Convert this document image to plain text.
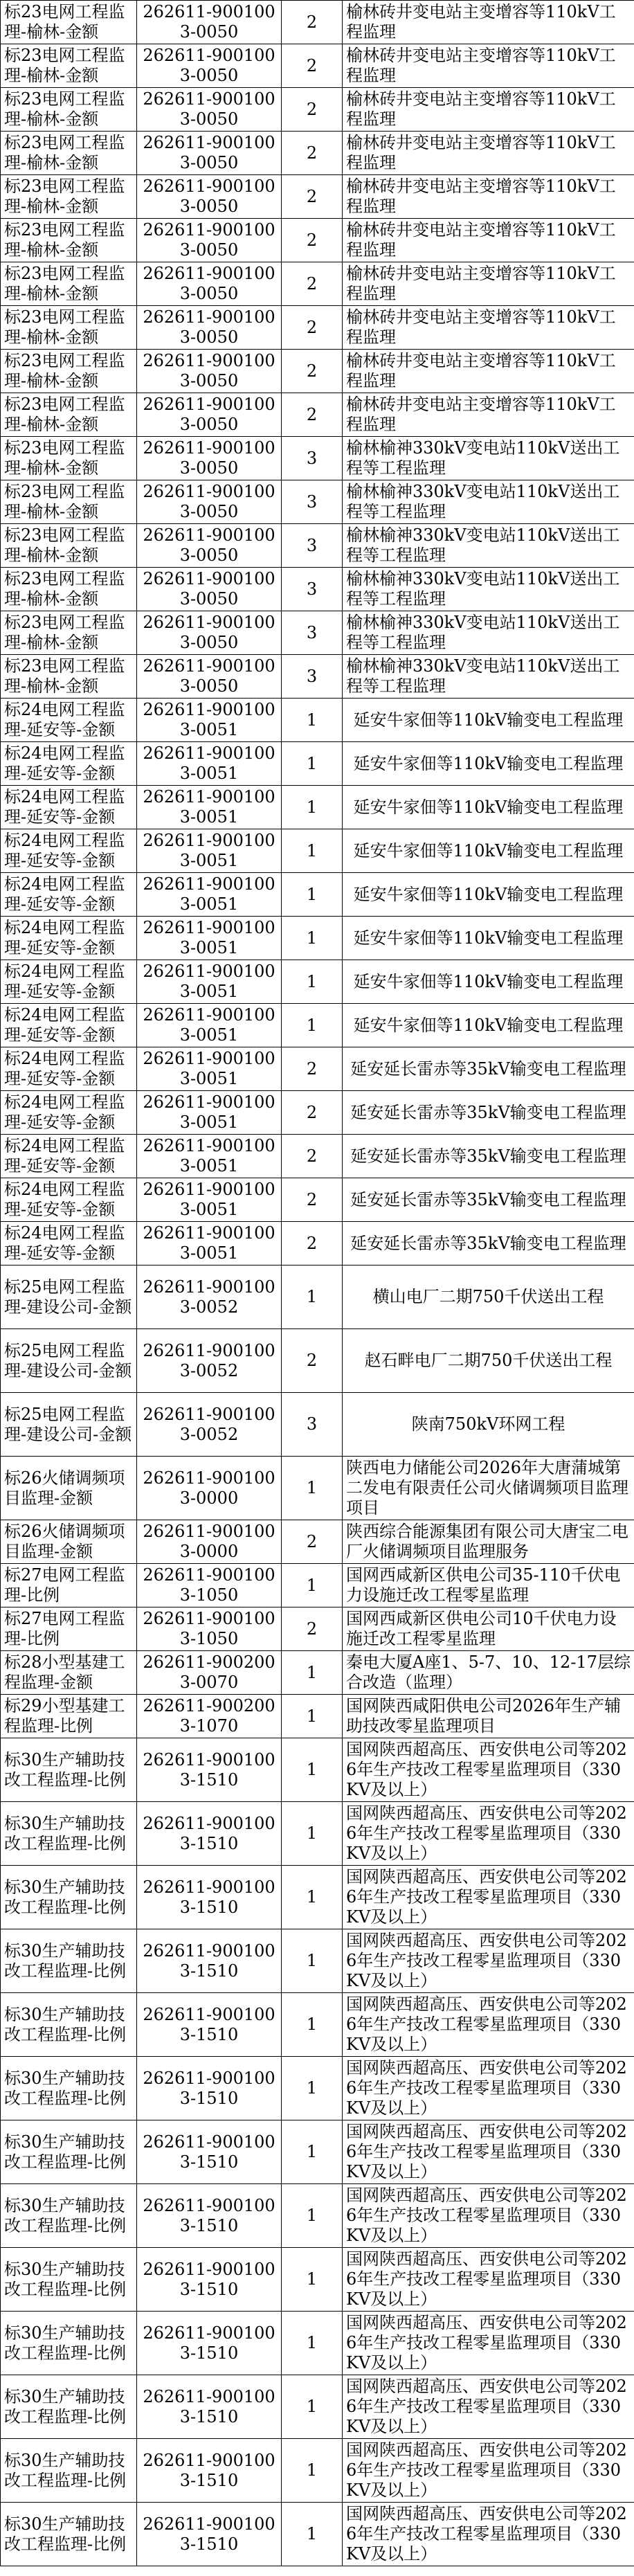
标23电网工程监理-榆林-金额	262611-9001003-0050	2	榆林砖井变电站主变增容等110kV工程监理
标23电网工程监理-榆林-金额	262611-9001003-0050	2	榆林砖井变电站主变增容等110kV工程监理
标23电网工程监理-榆林-金额	262611-9001003-0050	2	榆林砖井变电站主变增容等110kV工程监理
标23电网工程监理-榆林-金额	262611-9001003-0050	2	榆林砖井变电站主变增容等110kV工程监理
标23电网工程监理-榆林-金额	262611-9001003-0050	2	榆林砖井变电站主变增容等110kV工程监理
标23电网工程监理-榆林-金额	262611-9001003-0050	2	榆林砖井变电站主变增容等110kV工程监理
标23电网工程监理-榆林-金额	262611-9001003-0050	2	榆林砖井变电站主变增容等110kV工程监理
标23电网工程监理-榆林-金额	262611-9001003-0050	2	榆林砖井变电站主变增容等110kV工程监理
标23电网工程监理-榆林-金额	262611-9001003-0050	2	榆林砖井变电站主变增容等110kV工程监理
标23电网工程监理-榆林-金额	262611-9001003-0050	2	榆林砖井变电站主变增容等110kV工程监理
标23电网工程监理-榆林-金额	262611-9001003-0050	3	榆林榆神330kV变电站110kV送出工程等工程监理
标23电网工程监理-榆林-金额	262611-9001003-0050	3	榆林榆神330kV变电站110kV送出工程等工程监理
标23电网工程监理-榆林-金额	262611-9001003-0050	3	榆林榆神330kV变电站110kV送出工程等工程监理
标23电网工程监理-榆林-金额	262611-9001003-0050	3	榆林榆神330kV变电站110kV送出工程等工程监理
标23电网工程监理-榆林-金额	262611-9001003-0050	3	榆林榆神330kV变电站110kV送出工程等工程监理
标23电网工程监理-榆林-金额	262611-9001003-0050	3	榆林榆神330kV变电站110kV送出工程等工程监理
标24电网工程监理-延安等-金额	262611-9001003-0051	1	延安牛家佃等110kV输变电工程监理
标24电网工程监理-延安等-金额	262611-9001003-0051	1	延安牛家佃等110kV输变电工程监理
标24电网工程监理-延安等-金额	262611-9001003-0051	1	延安牛家佃等110kV输变电工程监理
标24电网工程监理-延安等-金额	262611-9001003-0051	1	延安牛家佃等110kV输变电工程监理
标24电网工程监理-延安等-金额	262611-9001003-0051	1	延安牛家佃等110kV输变电工程监理
标24电网工程监理-延安等-金额	262611-9001003-0051	1	延安牛家佃等110kV输变电工程监理
标24电网工程监理-延安等-金额	262611-9001003-0051	1	延安牛家佃等110kV输变电工程监理
标24电网工程监理-延安等-金额	262611-9001003-0051	1	延安牛家佃等110kV输变电工程监理
标24电网工程监理-延安等-金额	262611-9001003-0051	2	延安延长雷赤等35kV输变电工程监理
标24电网工程监理-延安等-金额	262611-9001003-0051	2	延安延长雷赤等35kV输变电工程监理
标24电网工程监理-延安等-金额	262611-9001003-0051	2	延安延长雷赤等35kV输变电工程监理
标24电网工程监理-延安等-金额	262611-9001003-0051	2	延安延长雷赤等35kV输变电工程监理
标24电网工程监理-延安等-金额	262611-9001003-0051	2	延安延长雷赤等35kV输变电工程监理
标25电网工程监理-建设公司-金额	262611-9001003-0052	1	横山电厂二期750千伏送出工程
标25电网工程监理-建设公司-金额	262611-9001003-0052	2	赵石畔电厂二期750千伏送出工程
标25电网工程监理-建设公司-金额	262611-9001003-0052	3	陕南750kV环网工程
标26火储调频项目监理-金额	262611-9001003-0000	1	陕西电力储能公司2026年大唐蒲城第二发电有限责任公司火储调频项目监理项目
标26火储调频项目监理-金额	262611-9001003-0000	2	陕西综合能源集团有限公司大唐宝二电厂火储调频项目监理服务
标27电网工程监理-比例	262611-9001003-1050	1	国网西咸新区供电公司35-110千伏电力设施迁改工程零星监理
标27电网工程监理-比例	262611-9001003-1050	2	国网西咸新区供电公司10千伏电力设施迁改工程零星监理
标28小型基建工程监理-金额	262611-9002003-0070	1	秦电大厦A座1、5-7、10、12-17层综合改造（监理）
标29小型基建工程监理-比例	262611-9002003-1070	1	国网陕西咸阳供电公司2026年生产辅助技改零星监理项目
标30生产辅助技改工程监理-比例	262611-9001003-1510	1	国网陕西超高压、西安供电公司等2026年生产技改工程零星监理项目（330KV及以上）
标30生产辅助技改工程监理-比例	262611-9001003-1510	1	国网陕西超高压、西安供电公司等2026年生产技改工程零星监理项目（330KV及以上）
标30生产辅助技改工程监理-比例	262611-9001003-1510	1	国网陕西超高压、西安供电公司等2026年生产技改工程零星监理项目（330KV及以上）
标30生产辅助技改工程监理-比例	262611-9001003-1510	1	国网陕西超高压、西安供电公司等2026年生产技改工程零星监理项目（330KV及以上）
标30生产辅助技改工程监理-比例	262611-9001003-1510	1	国网陕西超高压、西安供电公司等2026年生产技改工程零星监理项目（330KV及以上）
标30生产辅助技改工程监理-比例	262611-9001003-1510	1	国网陕西超高压、西安供电公司等2026年生产技改工程零星监理项目（330KV及以上）
标30生产辅助技改工程监理-比例	262611-9001003-1510	1	国网陕西超高压、西安供电公司等2026年生产技改工程零星监理项目（330KV及以上）
标30生产辅助技改工程监理-比例	262611-9001003-1510	1	国网陕西超高压、西安供电公司等2026年生产技改工程零星监理项目（330KV及以上）
标30生产辅助技改工程监理-比例	262611-9001003-1510	1	国网陕西超高压、西安供电公司等2026年生产技改工程零星监理项目（330KV及以上）
标30生产辅助技改工程监理-比例	262611-9001003-1510	1	国网陕西超高压、西安供电公司等2026年生产技改工程零星监理项目（330KV及以上）
标30生产辅助技改工程监理-比例	262611-9001003-1510	1	国网陕西超高压、西安供电公司等2026年生产技改工程零星监理项目（330KV及以上）
标30生产辅助技改工程监理-比例	262611-9001003-1510	1	国网陕西超高压、西安供电公司等2026年生产技改工程零星监理项目（330KV及以上）
标30生产辅助技改工程监理-比例	262611-9001003-1510	1	国网陕西超高压、西安供电公司等2026年生产技改工程零星监理项目（330KV及以上）
